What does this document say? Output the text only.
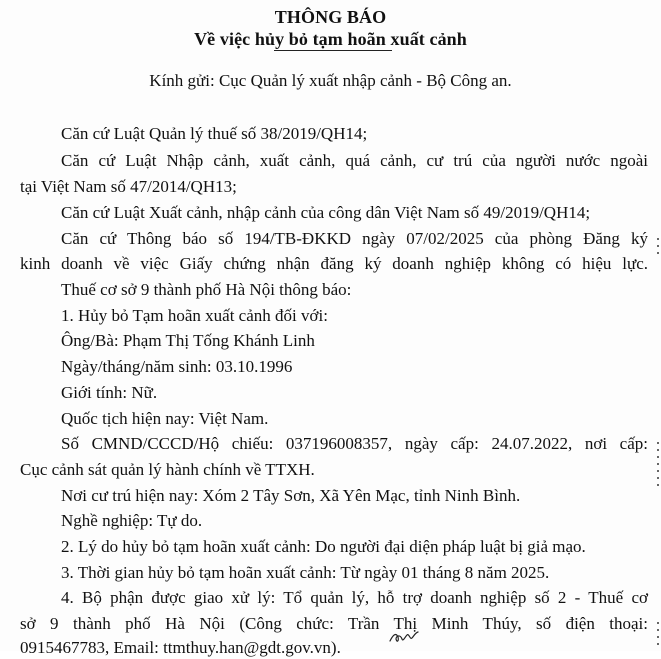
THÔNG BÁO
Về việc hủy bỏ tạm hoãn xuất cảnh
Kính gửi: Cục Quản lý xuất nhập cảnh - Bộ Công an.
Căn cứ Luật Quản lý thuế số 38/2019/QH14;
Căn cứ Luật Nhập cảnh, xuất cảnh, quá cảnh, cư trú của người nước ngoài
tại Việt Nam số 47/2014/QH13;
Căn cứ Luật Xuất cảnh, nhập cảnh của công dân Việt Nam số 49/2019/QH14;
Căn cứ Thông báo số 194/TB-ĐKKD ngày 07/02/2025 của phòng Đăng ký
kinh doanh về việc Giấy chứng nhận đăng ký doanh nghiệp không có hiệu lực.
Thuế cơ sở 9 thành phố Hà Nội thông báo:
1. Hủy bỏ Tạm hoãn xuất cảnh đối với:
Ông/Bà: Phạm Thị Tống Khánh Linh
Ngày/tháng/năm sinh: 03.10.1996
Giới tính: Nữ.
Quốc tịch hiện nay: Việt Nam.
Số CMND/CCCD/Hộ chiếu: 037196008357, ngày cấp: 24.07.2022, nơi cấp:
Cục cảnh sát quản lý hành chính về TTXH.
Nơi cư trú hiện nay: Xóm 2 Tây Sơn, Xã Yên Mạc, tỉnh Ninh Bình.
Nghề nghiệp: Tự do.
2. Lý do hủy bỏ tạm hoãn xuất cảnh: Do người đại diện pháp luật bị giả mạo.
3. Thời gian hủy bỏ tạm hoãn xuất cảnh: Từ ngày 01 tháng 8 năm 2025.
4. Bộ phận được giao xử lý: Tổ quản lý, hỗ trợ doanh nghiệp số 2 - Thuế cơ
sở 9 thành phố Hà Nội (Công chức: Trần Thị Minh Thúy, số điện thoại:
0915467783, Email: ttmthuy.han@gdt.gov.vn).
